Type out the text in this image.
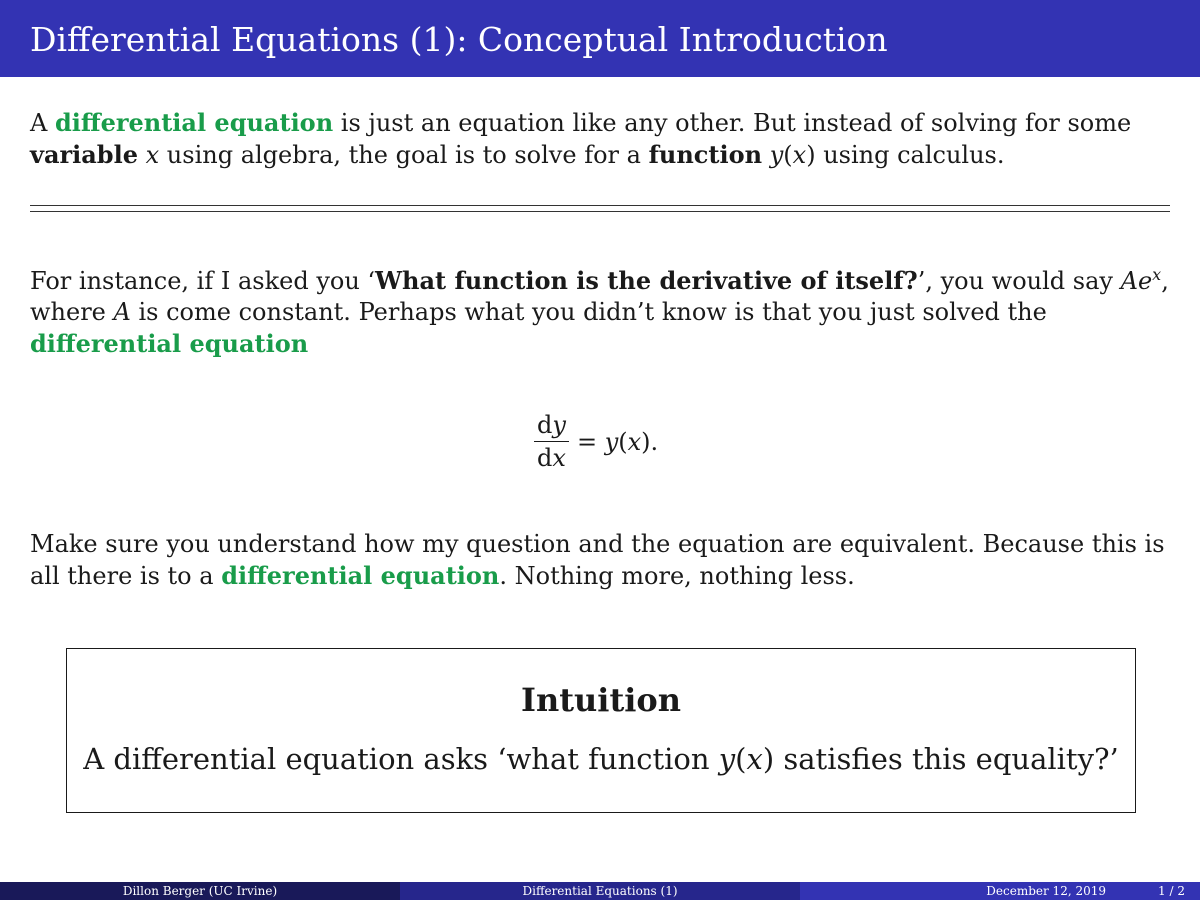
Differential Equations (1): Conceptual Introduction

A differential equation is just an equation like any other. But instead of solving for some variable x using algebra, the goal is to solve for a function y(x) using calculus.

For instance, if I asked you ‘What function is the derivative of itself?’, you would say Ae$^x$, where A is come constant. Perhaps what you didn’t know is that you just solved the differential equation

$\frac{dy}{dx} = y(x)$.

Make sure you understand how my question and the equation are equivalent. Because this is all there is to a differential equation. Nothing more, nothing less.

Intuition
A differential equation asks ‘what function y(x) satisfies this equality?’
Dillon Berger (UC Irvine)	Differential Equations (1)	December 12, 2019	1 / 2
